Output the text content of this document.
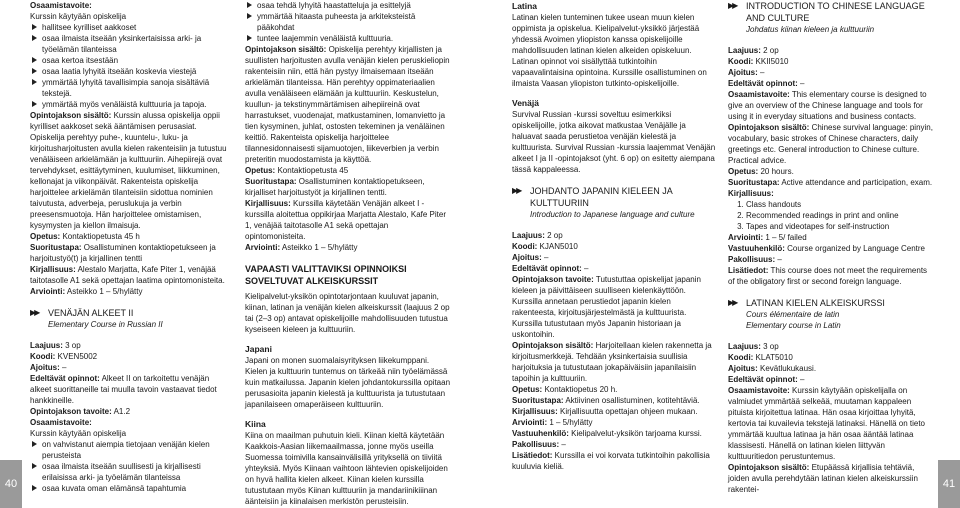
Osaamistavoite:

Kurssin käytyään opiskelija

hallitsee kyrilliset aakkoset

osaa ilmaista itseään yksinkertaisissa arki- ja työelämän tilanteissa

osaa kertoa itsestään

osaa laatia lyhyitä itseään koskevia viestejä

ymmärtää lyhyitä tavallisimpia sanoja sisältäviä tekstejä.

ymmärtää myös venäläistä kulttuuria ja tapoja.

Opintojakson sisältö: Kurssin alussa opiskelija oppii kyrilliset aakkoset sekä ääntämisen perusasiat. Opiskelija perehtyy puhe-, kuuntelu-, luku- ja kirjoitusharjoitusten avulla kielen rakenteisiin ja tutustuu venäläiseen arkielämään ja kulttuuriin. Aihepiirejä ovat tervehdykset, esittäytyminen, kuulumiset, liikkuminen, kellonajat ja viikonpäivät. Rakenteista opiskelija harjoittelee arkielämän tilanteisiin sidottua nominien taivutusta, adverbeja, peruslukuja ja verbin preesensmuotoja. Hän harjoittelee omistamisen, kysymysten ja kiellon ilmaisuja.

Opetus: Kontaktiopetusta 45 h

Suoritustapa: Osallistuminen kontaktiopetukseen ja harjoitustyö(t) ja kirjallinen tentti

Kirjallisuus: Alestalo Marjatta, Kafe Piter 1, venäjää taitotasolle A1 sekä opettajan laatima opintomonisteita.

Arviointi: Asteikko 1 – 5/hylätty

▶▶ VENÄJÄN ALKEET II

Elementary Course in Russian II

Laajuus: 3 op

Koodi: KVEN5002

Ajoitus: –

Edeltävät opinnot: Alkeet II on tarkoitettu venäjän alkeet suorittaneille tai muulla tavoin vastaavat tiedot hankkineille.

Opintojakson tavoite: A1.2

Osaamistavoite:

Kurssin käytyään opiskelija

on vahvistanut aiempia tietojaan venäjän kielen perusteista

osaa ilmaista itseään suullisesti ja kirjallisesti erilaisissa arki- ja työelämän tilanteissa

osaa kuvata oman elämänsä tapahtumia

osaa tehdä lyhyitä haastatteluja ja esittelyjä

ymmärtää hitaasta puheesta ja arkiteksteistä pääkohdat

tuntee laajemmin venäläistä kulttuuria.

Opintojakson sisältö: Opiskelija perehtyy kirjallisten ja suullisten harjoitusten avulla venäjän kielen peruskieliopin rakenteisiin niin, että hän pystyy ilmaisemaan itseään arkielämän tilanteissa. Hän perehtyy oppimateriaalien avulla venäläiseen elämään ja kulttuuriin. Keskustelun, kuullun- ja tekstinymmärtämisen aihepiireinä ovat harrastukset, vuodenajat, matkustaminen, lomanvietto ja tien kysyminen, juhlat, ostosten tekeminen ja venäläinen keittiö. Rakenteista opiskelija harjoittelee tilannesidonnaisesti sijamuotojen, liikeverbien ja verbin preteritin muodostamista ja käyttöä.

Opetus: Kontaktiopetusta 45

Suoritustapa: Osallistuminen kontaktiopetukseen, kirjalliset harjoitustyöt ja kirjallinen tentti.

Kirjallisuus: Kurssilla käytetään Venäjän alkeet I -kurssilla aloitettua oppikirjaa Marjatta Alestalo, Kafe Piter 1, venäjää taitotasolle A1 sekä opettajan opintomonisteita.

Arviointi: Asteikko 1 – 5/hylätty

VAPAASTI VALITTAVIKSI OPINNOIKSI SOVELTUVAT ALKEISKURSSIT

Kielipalvelut-yksikön opintotarjontaan kuuluvat japanin, kiinan, latinan ja venäjän kielen alkeiskurssit (laajuus 2 op tai (2–3 op) antavat opiskelijoille mahdollisuuden tutustua kyseiseen kieleen ja kulttuuriin.

Japani

Japani on monen suomalaisyrityksen liikekumppani. Kielen ja kulttuurin tuntemus on tärkeää niin työelämässä kuin matkailussa. Japanin kielen johdantokurssilla opitaan perusasioita japanin kielestä ja kulttuurista ja tutustutaan japanilaiseen omaperäiseen kulttuuriin.

Kiina

Kiina on maailman puhutuin kieli. Kiinan kieltä käytetään Kaakkois-Aasian liikemaailmassa, jonne myös useilla Suomessa toimivilla kansainvälisillä yrityksellä on tiiviitä yhteyksiä. Myös Kiinaan vaihtoon lähtevien opiskelijoiden on hyvä hallita kielen alkeet. Kiinan kielen kurssilla tutustutaan myös Kiinan kulttuuriin ja mandariinikiiinan äänteisiin ja kiinalaisen merkistön perusteisiin.

Latina

Latinan kielen tunteminen tukee usean muun kielen oppimista ja opiskelua. Kielipalvelut-yksikkö järjestää yhdessä Avoimen yliopiston kanssa opiskelijoille mahdollisuuden latinan kielen alkeiden opiskeluun. Latinan opinnot voi sisällyttää tutkintoihin vapaavalintaisina opintoina. Kurssille osallistuminen on ilmaista Vaasan yliopiston tutkinto-opiskelijoille.

Venäjä

Survival Russian -kurssi soveltuu esimerkiksi opiskelijoille, jotka aikovat matkustaa Venäjälle ja haluavat saada perustietoa venäjän kielestä ja kulttuurista. Survival Russian -kurssia laajemmat Venäjän alkeet I ja II -opintojaksot (yht. 6 op) on esitetty aiempana tässä kappaleessa.

▶▶ JOHDANTO JAPANIN KIELEEN JA KULTTUURIIN

Introduction to Japanese language and culture

Laajuus: 2 op

Koodi: KJAN5010

Ajoitus: –

Edeltävät opinnot: –

Opintojakson tavoite: Tutustuttaa opiskelijat japanin kieleen ja päivittäiseen suulliseen kielenkäyttöön. Kurssilla annetaan perustiedot japanin kielen rakenteesta, kirjoitusjärjestelmästä ja kulttuurista. Kurssilla tutustutaan myös Japanin historiaan ja uskontoihin.

Opintojakson sisältö: Harjoitellaan kielen rakennetta ja kirjoitusmerkkejä. Tehdään yksinkertaisia suullisia harjoituksia ja tutustutaan jokapäiväisiin japanilaisiin tapoihin ja kulttuuriin.

Opetus: Kontaktiopetus 20 h.

Suoritustapa: Aktiivinen osallistuminen, kotitehtäviä.

Kirjallisuus: Kirjallisuutta opettajan ohjeen mukaan.

Arviointi: 1 – 5/hylätty

Vastuuhenkilö: Kielipalvelut-yksikön tarjoama kurssi.

Pakollisuus: –

Lisätiedot: Kurssilla ei voi korvata tutkintoihin pakollisia kuuluvia kieliä.

▶▶ INTRODUCTION TO CHINESE LANGUAGE AND CULTURE

Johdatus kiinan kieleen ja kulttuuriin

Laajuus: 2 op

Koodi: KKII5010

Ajoitus: –

Edeltävät opinnot: –

Osaamistavoite: This elementary course is designed to give an overview of the Chinese language and tools for using it in everyday situations and business contacts.

Opintojakson sisältö: Chinese survival language: pinyin, vocabulary, basic strokes of Chinese characters, daily greetings etc. General introduction to Chinese culture. Practical advice.

Opetus: 20 hours.

Suoritustapa: Active attendance and participation, exam.

Kirjallisuus:

1. Class handouts
2. Recommended readings in print and online
3. Tapes and videotapes for self-instruction

Arviointi: 1 – 5/ failed

Vastuuhenkilö: Course organized by Language Centre

Pakollisuus: –

Lisätiedot: This course does not meet the requirements of the obligatory first or second foreign language.

▶▶ LATINAN KIELEN ALKEISKURSSI

Cours élémentaire de latin

Elementary course in Latin

Laajuus: 3 op

Koodi: KLAT5010

Ajoitus: Kevätlukukausi.

Edeltävät opinnot: –

Osaamistavoite: Kurssin käytyään opiskelijalla on valmiudet ymmärtää selkeää, muutaman kappaleen pituista kirjoitettua latinaa. Hän osaa kirjoittaa lyhyitä, kertovia tai kuvailevia tekstejä latinaksi. Hänellä on tieto ymmärtää kuultua latinaa ja hän osaa ääntää latinaa klassisesti. Hänellä on latinan kielen liittyvän kulttuuritiedon perustuntemus.

Opintojakson sisältö: Etupäässä kirjallisia tehtäviä, joiden avulla perehdytään latinan kielen alkeiskurssiin rakentei-

40	41
